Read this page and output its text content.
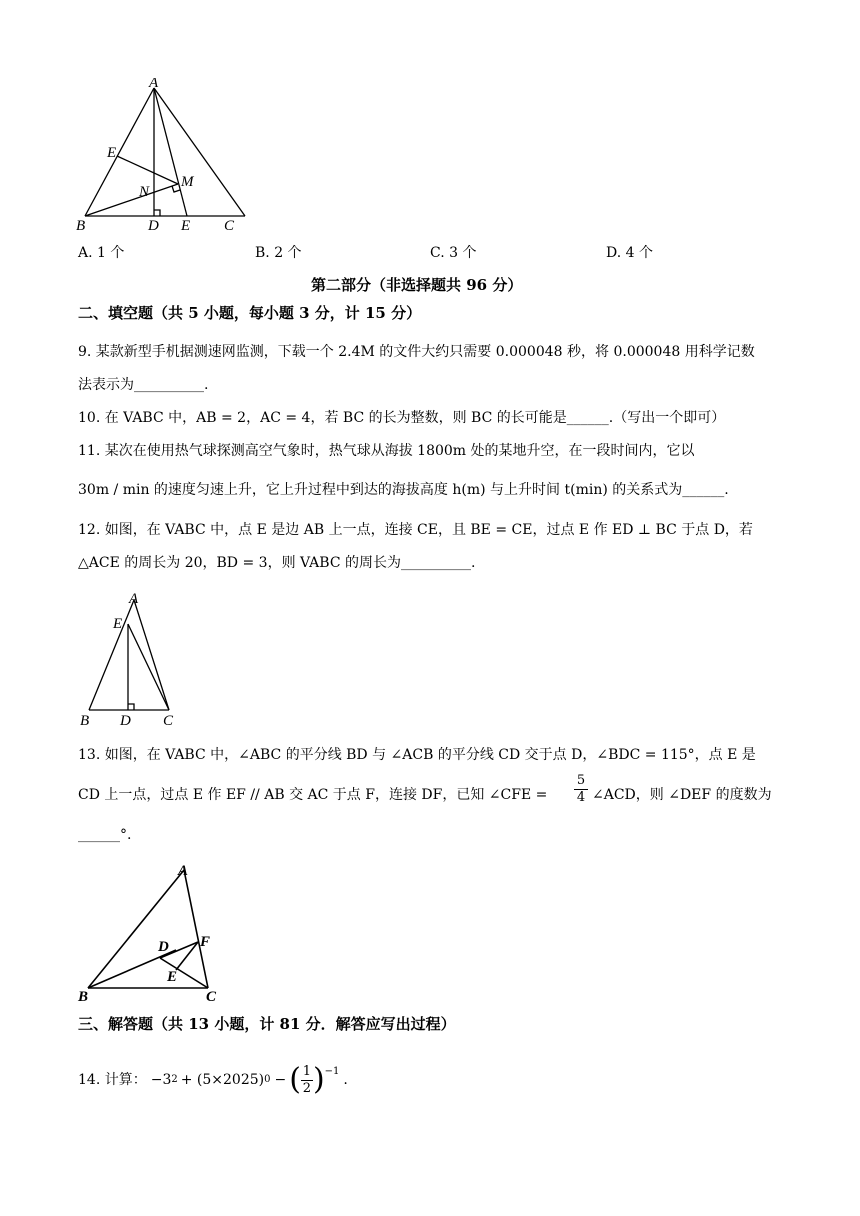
A
E
M
N
B	D E C
A. 1 个	B. 2 个	C. 3 个	D. 4 个
第二部分（非选择题共 96 分）
二、填空题（共 5 小题，每小题 3 分，计 15 分）
9. 某款新型手机据测速网监测，下载一个 2.4M 的文件大约只需要 0.000048 秒，将 0.000048 用科学记数
法表示为__________.
10. 在 VABC 中，AB = 2，AC = 4，若 BC 的长为整数，则 BC 的长可能是______.（写出一个即可）
11. 某次在使用热气球探测高空气象时，热气球从海拔 1800m 处的某地升空，在一段时间内，它以
30m / min 的速度匀速上升，它上升过程中到达的海拔高度 h(m) 与上升时间 t(min) 的关系式为______.
12. 如图，在 VABC 中，点 E 是边 AB 上一点，连接 CE，且 BE = CE，过点 E 作 ED ⊥ BC 于点 D，若
△ACE 的周长为 20，BD = 3，则 VABC 的周长为__________.
A
E
B D C
13. 如图，在 VABC 中，∠ABC 的平分线 BD 与 ∠ACB 的平分线 CD 交于点 D，∠BDC = 115°，点 E 是
CD 上一点，过点 E 作 EF // AB 交 AC 于点 F，连接 DF，已知 ∠CFE = $\frac{5}{4}$ ∠ACD，则 ∠DEF 的度数为
______°.
A
D F
E
B	C
三、解答题（共 13 小题，计 81 分．解答应写出过程）
14. 计算： −3 2 + (5×2025) 0 − ( $\frac{1}{2} )^{-1}$
.
